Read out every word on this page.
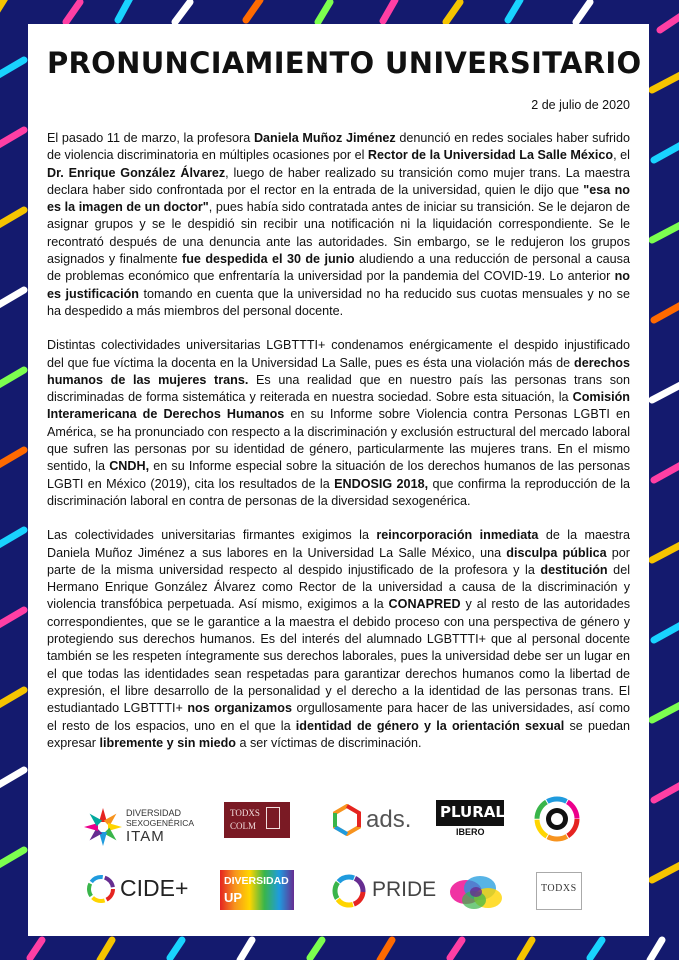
PRONUNCIAMIENTO UNIVERSITARIO
2 de julio de 2020

El pasado 11 de marzo, la profesora Daniela Muñoz Jiménez denunció en redes sociales haber sufrido de violencia discriminatoria en múltiples ocasiones por el Rector de la Universidad La Salle México, el Dr. Enrique González Álvarez, luego de haber realizado su transición como mujer trans. La maestra declara haber sido confrontada por el rector en la entrada de la universidad, quien le dijo que "esa no es la imagen de un doctor", pues había sido contratada antes de iniciar su transición. Se le dejaron de asignar grupos y se le despidió sin recibir una notificación ni la liquidación correspondiente. Se le recontrató después de una denuncia ante las autoridades. Sin embargo, se le redujeron los grupos asignados y finalmente fue despedida el 30 de junio aludiendo a una reducción de personal a causa de problemas económico que enfrentaría la universidad por la pandemia del COVID-19. Lo anterior no es justificación tomando en cuenta que la universidad no ha reducido sus cuotas mensuales y no se ha despedido a más miembros del personal docente.

Distintas colectividades universitarias LGBTTTI+ condenamos enérgicamente el despido injustificado del que fue víctima la docenta en la Universidad La Salle, pues es ésta una violación más de derechos humanos de las mujeres trans. Es una realidad que en nuestro país las personas trans son discriminadas de forma sistemática y reiterada en nuestra sociedad. Sobre esta situación, la Comisión Interamericana de Derechos Humanos en su Informe sobre Violencia contra Personas LGBTI en América, se ha pronunciado con respecto a la discriminación y exclusión estructural del mercado laboral que sufren las personas por su identidad de género, particularmente las mujeres trans. En el mismo sentido, la CNDH, en su Informe especial sobre la situación de los derechos humanos de las personas LGBTI en México (2019), cita los resultados de la ENDOSIG 2018, que confirma la reproducción de la discriminación laboral en contra de personas de la diversidad sexogenérica.

Las colectividades universitarias firmantes exigimos la reincorporación inmediata de la maestra Daniela Muñoz Jiménez a sus labores en la Universidad La Salle México, una disculpa pública por parte de la misma universidad respecto al despido injustificado de la profesora y la destitución del Hermano Enrique González Álvarez como Rector de la universidad a causa de la discriminación y violencia transfóbica perpetuada. Así mismo, exigimos a la CONAPRED y al resto de las autoridades correspondientes, que se le garantice a la maestra el debido proceso con una perspectiva de género y protegiendo sus derechos humanos. Es del interés del alumnado LGBTTTI+ que al personal docente también se les respeten íntegramente sus derechos laborales, pues la universidad debe ser un lugar en el que todas las identidades sean respetadas para garantizar derechos humanos como la libertad de expresión, el libre desarrollo de la personalidad y el derecho a la identidad de las personas trans. El estudiantado LGBTTTI+ nos organizamos orgullosamente para hacer de las universidades, así como el resto de los espacios, uno en el que la identidad de género y la orientación sexual se puedan expresar libremente y sin miedo a ser víctimas de discriminación.

DIVERSIDAD
SEXOGENÉRICA
ITAM
TODXS
COLM	ads. PLURAL
IBERO
CIDE+	DIVERSIDAD
UP	PRIDE	TODXS
